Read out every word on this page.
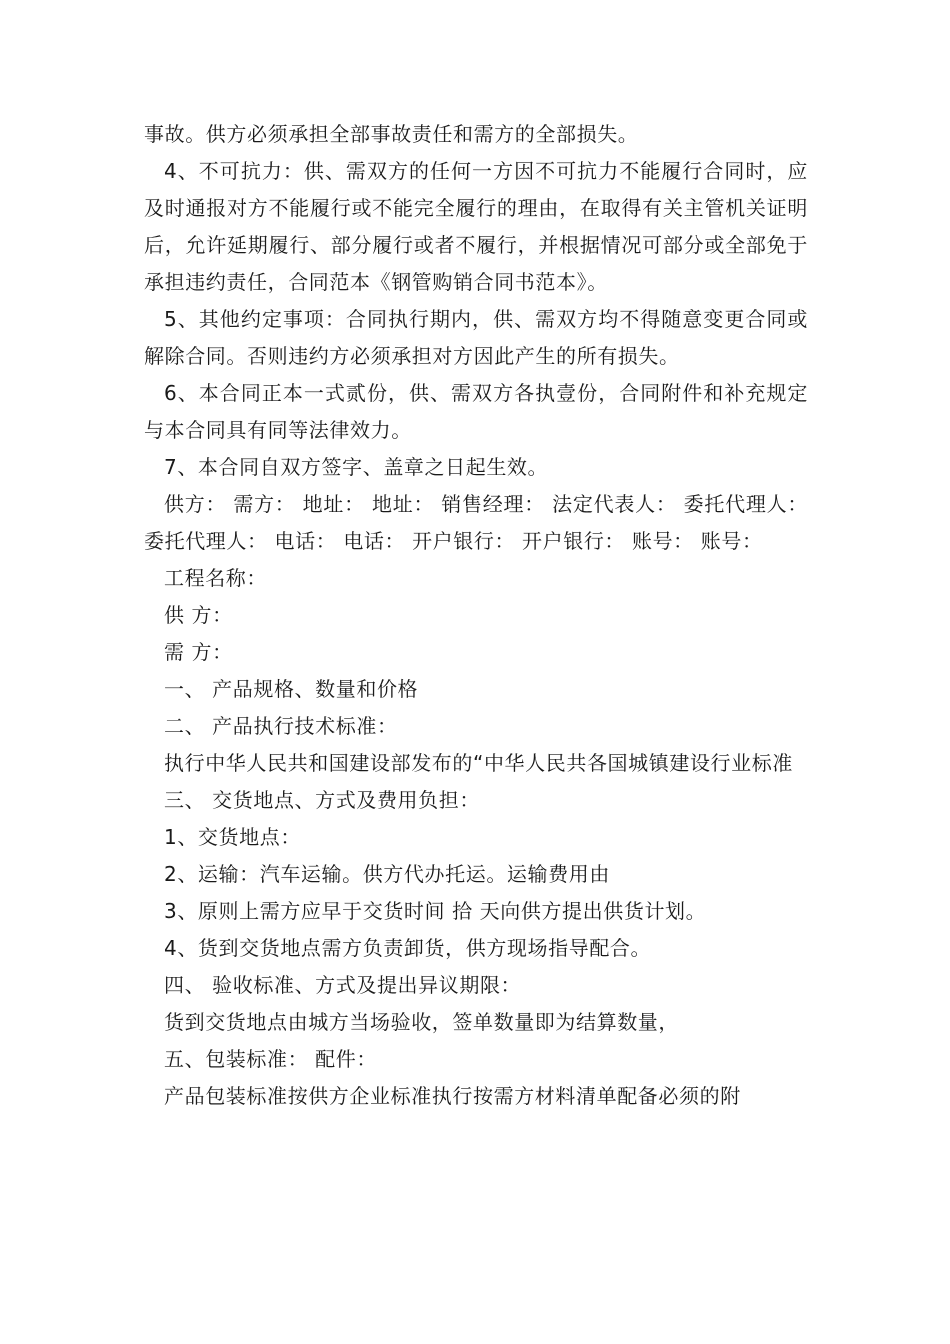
事故。供方必须承担全部事故责任和需方的全部损失。

4、不可抗力：供、需双方的任何一方因不可抗力不能履行合同时，应及时通报对方不能履行或不能完全履行的理由，在取得有关主管机关证明后，允许延期履行、部分履行或者不履行，并根据情况可部分或全部免于承担违约责任，合同范本《钢管购销合同书范本》。

5、其他约定事项：合同执行期内，供、需双方均不得随意变更合同或解除合同。否则违约方必须承担对方因此产生的所有损失。

6、本合同正本一式贰份，供、需双方各执壹份，合同附件和补充规定与本合同具有同等法律效力。

7、本合同自双方签字、盖章之日起生效。

供方： 需方： 地址： 地址： 销售经理： 法定代表人： 委托代理人： 委托代理人： 电话： 电话： 开户银行： 开户银行： 账号： 账号：

工程名称：

供 方：

需 方：

一、 产品规格、数量和价格

二、 产品执行技术标准：

执行中华人民共和国建设部发布的“中华人民共各国城镇建设行业标准

三、 交货地点、方式及费用负担：

1、交货地点：

2、运输：汽车运输。供方代办托运。运输费用由

3、原则上需方应早于交货时间 拾 天向供方提出供货计划。

4、货到交货地点需方负责卸货，供方现场指导配合。

四、 验收标准、方式及提出异议期限：

货到交货地点由城方当场验收，签单数量即为结算数量，

五、包装标准： 配件：

产品包装标准按供方企业标准执行按需方材料清单配备必须的附
